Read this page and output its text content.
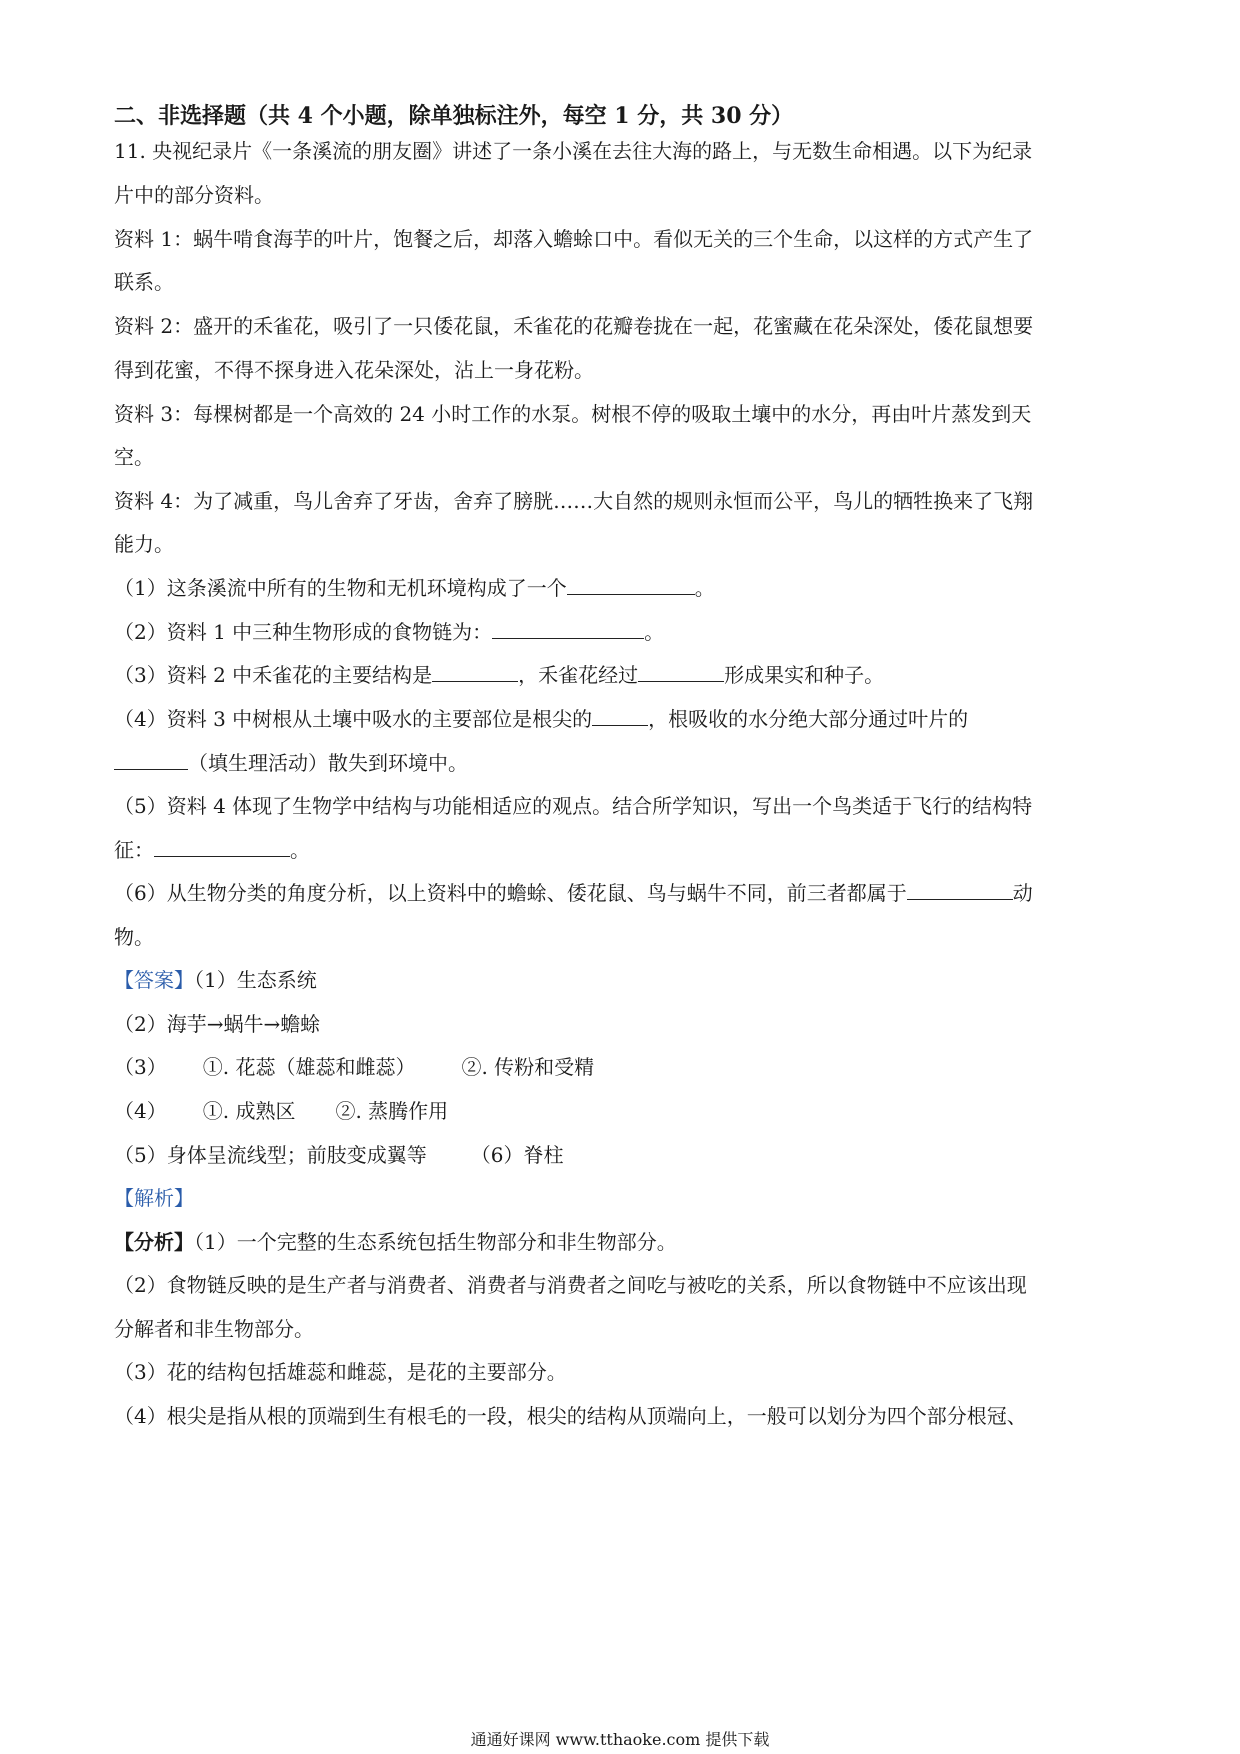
二、非选择题（共 4 个小题，除单独标注外，每空 1 分，共 30 分）

11. 央视纪录片《一条溪流的朋友圈》讲述了一条小溪在去往大海的路上，与无数生命相遇。以下为纪录

片中的部分资料。

资料 1：蜗牛啃食海芋的叶片，饱餐之后，却落入蟾蜍口中。看似无关的三个生命，以这样的方式产生了

联系。

资料 2：盛开的禾雀花，吸引了一只倭花鼠，禾雀花的花瓣卷拢在一起，花蜜藏在花朵深处，倭花鼠想要

得到花蜜，不得不探身进入花朵深处，沾上一身花粉。

资料 3：每棵树都是一个高效的 24 小时工作的水泵。树根不停的吸取土壤中的水分，再由叶片蒸发到天

空。

资料 4：为了减重，鸟儿舍弃了牙齿，舍弃了膀胱……大自然的规则永恒而公平，鸟儿的牺牲换来了飞翔

能力。

（1）这条溪流中所有的生物和无机环境构成了一个	。

（2）资料 1 中三种生物形成的食物链为：	。

（3）资料 2 中禾雀花的主要结构是	，禾雀花经过	形成果实和种子。

（4）资料 3 中树根从土壤中吸水的主要部位是根尖的	，根吸收的水分绝大部分通过叶片的

（填生理活动）散失到环境中。

（5）资料 4 体现了生物学中结构与功能相适应的观点。结合所学知识，写出一个鸟类适于飞行的结构特

征：	。

（6）从生物分类的角度分析，以上资料中的蟾蜍、倭花鼠、鸟与蜗牛不同，前三者都属于	动

物。

【答案】（1）生态系统

（2）海芋→蜗牛→蟾蜍

（3） ①. 花蕊（雄蕊和雌蕊） ②. 传粉和受精

（4） ①. 成熟区 ②. 蒸腾作用

（5）身体呈流线型；前肢变成翼等 （6）脊柱

【解析】

【分析】（1）一个完整的生态系统包括生物部分和非生物部分。

（2）食物链反映的是生产者与消费者、消费者与消费者之间吃与被吃的关系，所以食物链中不应该出现

分解者和非生物部分。

（3）花的结构包括雄蕊和雌蕊，是花的主要部分。

（4）根尖是指从根的顶端到生有根毛的一段，根尖的结构从顶端向上，一般可以划分为四个部分根冠、

通通好课网 www.tthaoke.com 提供下载
